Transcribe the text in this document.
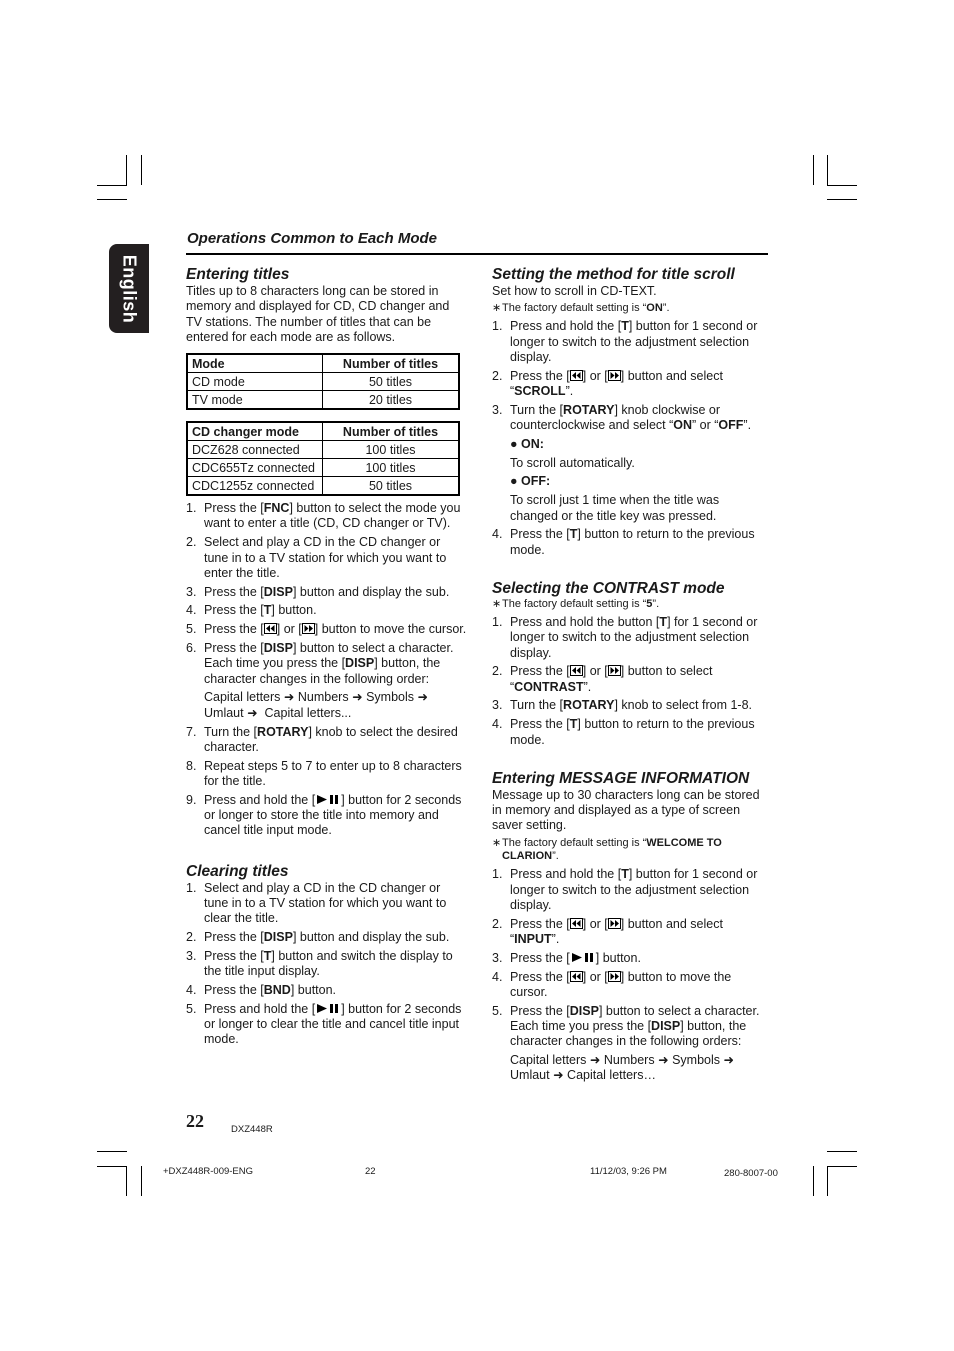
English
Operations Common to Each Mode
Entering titles

Titles up to 8 characters long can be stored in memory and displayed for CD, CD changer and TV stations. The number of titles that can be entered for each mode are as follows.

Mode	Number of titles
CD mode	50 titles
TV mode	20 titles
CD changer mode	Number of titles
DCZ628 connected	100 titles
CDC655Tz connected	100 titles
CDC1255z connected	50 titles
1. Press the [FNC] button to select the mode you want to enter a title (CD, CD changer or TV).
2. Select and play a CD in the CD changer or tune in to a TV station for which you want to enter the title.
3. Press the [DISP] button and display the sub.
4. Press the [T] button.
5. Press the [ ] or [ ] button to move the cursor.
6. Press the [DISP] button to select a character. Each time you press the [DISP] button, the character changes in the following order:
Capital letters ➜ Numbers ➜ Symbols ➜ Umlaut ➜ Capital letters...
7. Turn the [ROTARY] knob to select the desired character.
8. Repeat steps 5 to 7 to enter up to 8 characters for the title.
9. Press and hold the [ ] button for 2 seconds or longer to store the title into memory and cancel title input mode.
Clearing titles
1. Select and play a CD in the CD changer or tune in to a TV station for which you want to clear the title.
2. Press the [DISP] button and display the sub.
3. Press the [T] button and switch the display to the title input display.
4. Press the [BND] button.
5. Press and hold the [ ] button for 2 seconds or longer to clear the title and cancel title input mode.
Setting the method for title scroll

Set how to scroll in CD-TEXT.

∗The factory default setting is “ON”.
1. Press and hold the [T] button for 1 second or longer to switch to the adjustment selection display.
2. Press the [ ] or [ ] button and select “SCROLL”.
3. Turn the [ROTARY] knob clockwise or counterclockwise and select “ON” or “OFF”.
● ON:
To scroll automatically.
● OFF:
To scroll just 1 time when the title was changed or the title key was pressed.
4. Press the [T] button to return to the previous mode.
Selecting the CONTRAST mode
∗The factory default setting is “5”.
1. Press and hold the button [T] for 1 second or longer to switch to the adjustment selection display.
2. Press the [ ] or [ ] button to select “CONTRAST”.
3. Turn the [ROTARY] knob to select from 1-8.
4. Press the [T] button to return to the previous mode.
Entering MESSAGE INFORMATION

Message up to 30 characters long can be stored in memory and displayed as a type of screen saver setting.

∗The factory default setting is “WELCOME TO CLARION”.
1. Press and hold the [T] button for 1 second or longer to switch to the adjustment selection display.
2. Press the [ ] or [ ] button and select “INPUT”.
3. Press the [ ] button.
4. Press the [ ] or [ ] button to move the cursor.
5. Press the [DISP] button to select a character. Each time you press the [DISP] button, the character changes in the following orders:
Capital letters ➜ Numbers ➜ Symbols ➜ Umlaut ➜ Capital letters…
22	DXZ448R
+DXZ448R-009-ENG	22	11/12/03, 9:26 PM	280-8007-00
